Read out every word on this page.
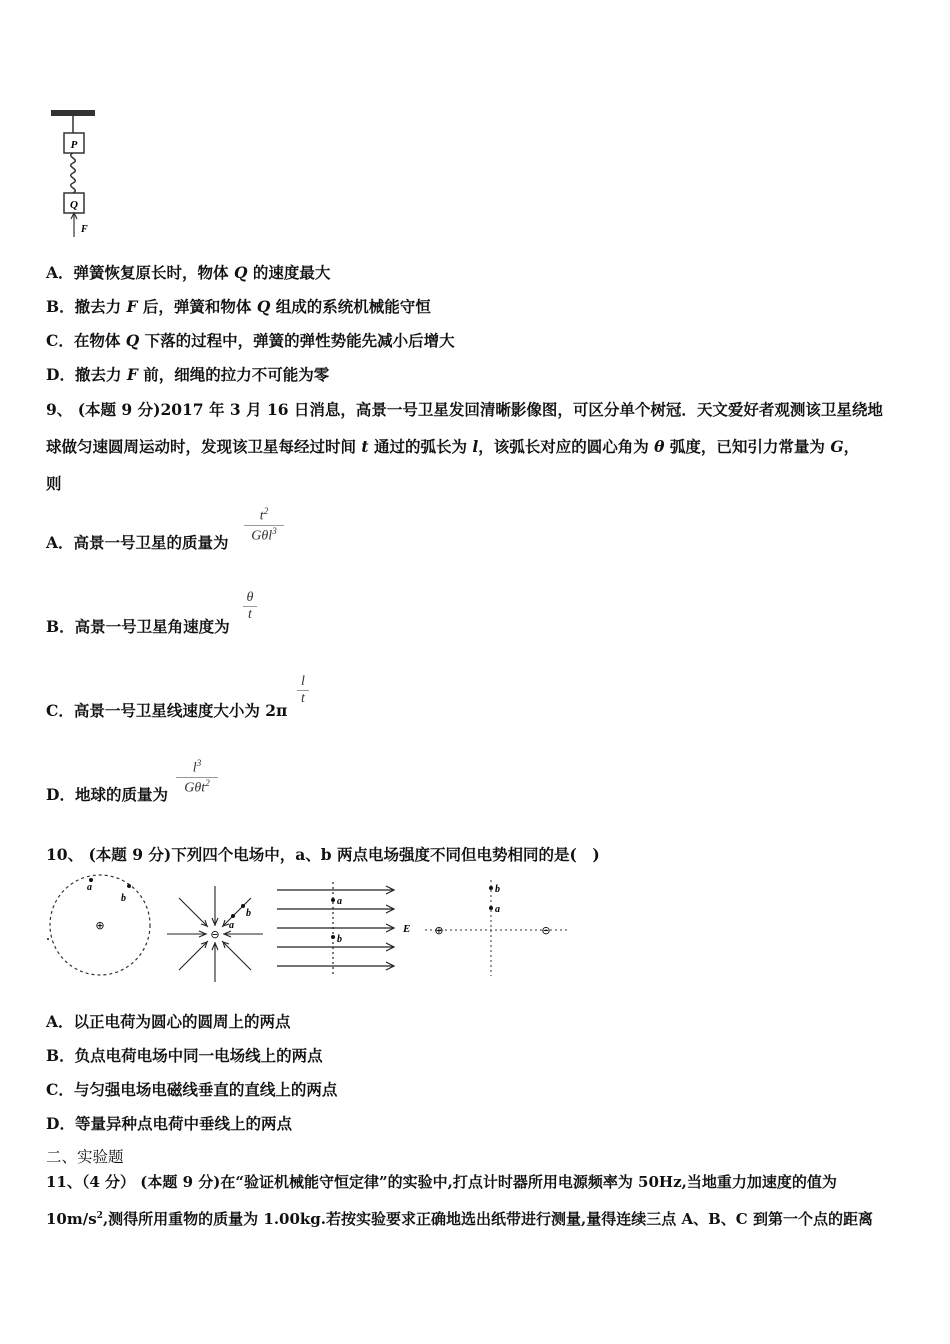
P
Q
F
A．弹簧恢复原长时，物体 Q 的速度最大
B．撤去力 F 后，弹簧和物体 Q 组成的系统机械能守恒
C．在物体 Q 下落的过程中，弹簧的弹性势能先减小后增大
D．撤去力 F 前，细绳的拉力不可能为零
9、 (本题 9 分)2017 年 3 月 16 日消息，高景一号卫星发回清晰影像图，可区分单个树冠．天文爱好者观测该卫星绕地
球做匀速圆周运动时，发现该卫星每经过时间 t 通过的弧长为 l，该弧长对应的圆心角为 θ 弧度，已知引力常量为 G，
则
A．高景一号卫星的质量为
$t^2$
Gθl$^3$
B．高景一号卫星角速度为
θ
t
C．高景一号卫星线速度大小为 2π
l
t
D．地球的质量为
$l^3$
Gθt$^2$
10、 (本题 9 分)下列四个电场中，a、b 两点电场强度不同但电势相同的是(　)
a
b
⊕
⊖
a
b
a
b
E
b
a
⊕	⊖
A．以正电荷为圆心的圆周上的两点
B．负点电荷电场中同一电场线上的两点
C．与匀强电场电磁线垂直的直线上的两点
D．等量异种点电荷中垂线上的两点
二、实验题
11、（4 分） (本题 9 分)在“验证机械能守恒定律”的实验中,打点计时器所用电源频率为 50Hz,当地重力加速度的值为
$10m/s^2$,测得所用重物的质量为 1.00kg.若按实验要求正确地选出纸带进行测量,量得连续三点 A、B、C 到第一个点的距离
